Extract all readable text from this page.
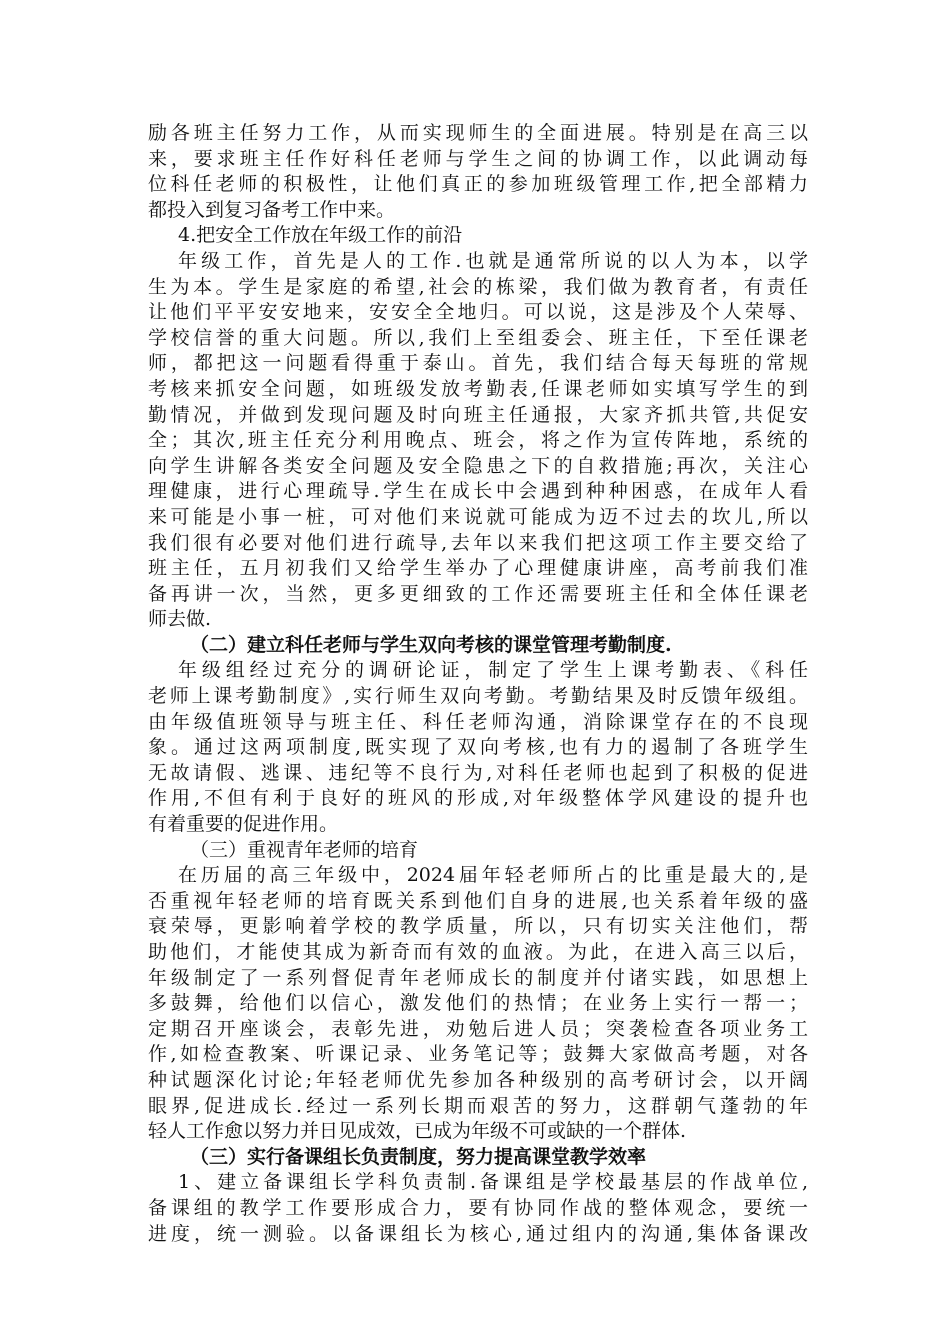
励各班主任努力工作，从而实现师生的全面进展。特别是在高三以
来，要求班主任作好科任老师与学生之间的协调工作，以此调动每
位科任老师的积极性，让他们真正的参加班级管理工作,把全部精力
都投入到复习备考工作中来。
4.把安全工作放在年级工作的前沿
年级工作，首先是人的工作.也就是通常所说的以人为本，以学
生为本。学生是家庭的希望,社会的栋梁，我们做为教育者，有责任
让他们平平安安地来，安安全全地归。可以说，这是涉及个人荣辱、
学校信誉的重大问题。所以,我们上至组委会、班主任，下至任课老
师，都把这一问题看得重于泰山。首先，我们结合每天每班的常规
考核来抓安全问题，如班级发放考勤表,任课老师如实填写学生的到
勤情况，并做到发现问题及时向班主任通报，大家齐抓共管,共促安
全；其次,班主任充分利用晚点、班会，将之作为宣传阵地，系统的
向学生讲解各类安全问题及安全隐患之下的自救措施;再次，关注心
理健康，进行心理疏导.学生在成长中会遇到种种困惑，在成年人看
来可能是小事一桩，可对他们来说就可能成为迈不过去的坎儿,所以
我们很有必要对他们进行疏导,去年以来我们把这项工作主要交给了
班主任，五月初我们又给学生举办了心理健康讲座，高考前我们准
备再讲一次，当然，更多更细致的工作还需要班主任和全体任课老
师去做.
（二）建立科任老师与学生双向考核的课堂管理考勤制度.
年级组经过充分的调研论证，制定了学生上课考勤表、《科任
老师上课考勤制度》,实行师生双向考勤。考勤结果及时反馈年级组。
由年级值班领导与班主任、科任老师沟通，消除课堂存在的不良现
象。通过这两项制度,既实现了双向考核,也有力的遏制了各班学生
无故请假、逃课、违纪等不良行为,对科任老师也起到了积极的促进
作用,不但有利于良好的班风的形成,对年级整体学风建设的提升也
有着重要的促进作用。
（三）重视青年老师的培育
在历届的高三年级中，2024届年轻老师所占的比重是最大的,是
否重视年轻老师的培育既关系到他们自身的进展,也关系着年级的盛
衰荣辱，更影响着学校的教学质量，所以，只有切实关注他们，帮
助他们，才能使其成为新奇而有效的血液。为此，在进入高三以后，
年级制定了一系列督促青年老师成长的制度并付诸实践，如思想上
多鼓舞，给他们以信心，激发他们的热情；在业务上实行一帮一；
定期召开座谈会，表彰先进，劝勉后进人员；突袭检查各项业务工
作,如检查教案、听课记录、业务笔记等；鼓舞大家做高考题，对各
种试题深化讨论;年轻老师优先参加各种级别的高考研讨会，以开阔
眼界,促进成长.经过一系列长期而艰苦的努力，这群朝气蓬勃的年
轻人工作愈以努力并日见成效，已成为年级不可或缺的一个群体.
（三）实行备课组长负责制度，努力提高课堂教学效率
1、建立备课组长学科负责制.备课组是学校最基层的作战单位,
备课组的教学工作要形成合力，要有协同作战的整体观念，要统一
进度，统一测验。以备课组长为核心,通过组内的沟通,集体备课改
